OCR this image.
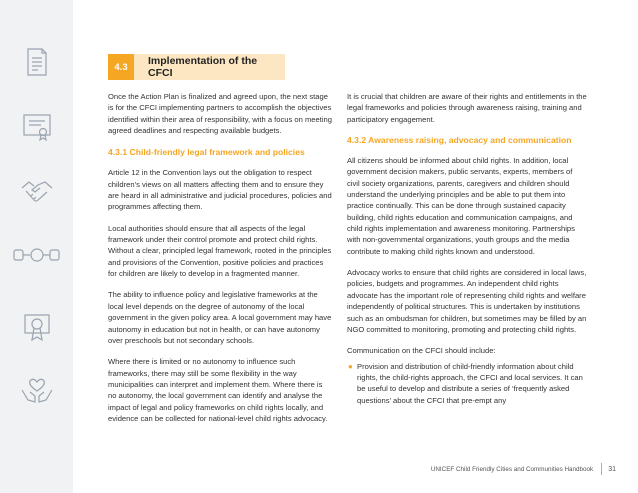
4.3	Implementation of the CFCI

Once the Action Plan is finalized and agreed upon, the next stage is for the CFCI implementing partners to accomplish the objectives identified within their area of responsibility, with a focus on meeting agreed deadlines and respecting available budgets.

4.3.1 Child-friendly legal framework and policies

Article 12 in the Convention lays out the obligation to respect children’s views on all matters affecting them and to ensure they are heard in all administrative and judicial procedures, policies and programmes affecting them.

Local authorities should ensure that all aspects of the legal framework under their control promote and protect child rights. Without a clear, principled legal framework, rooted in the principles and provisions of the Convention, positive policies and practices for children are likely to develop in a fragmented manner.

The ability to influence policy and legislative frameworks at the local level depends on the degree of autonomy of the local government in the given policy area. A local government may have autonomy in education but not in health, or can have autonomy over preschools but not secondary schools.

Where there is limited or no autonomy to influence such frameworks, there may still be some flexibility in the way municipalities can interpret and implement them. Where there is no autonomy, the local government can identify and analyse the impact of legal and policy frameworks on child rights locally, and evidence can be collected for national-level child rights advocacy.

It is crucial that children are aware of their rights and entitlements in the legal frameworks and policies through awareness raising, training and participatory engagement.

4.3.2 Awareness raising, advocacy and communication

All citizens should be informed about child rights. In addition, local government decision makers, public servants, experts, members of civil society organizations, parents, caregivers and children should understand the underlying principles and be able to put them into practice continually. This can be done through sustained capacity building, child rights education and communication campaigns, and child rights implementation and awareness monitoring. Partnerships with non-governmental organizations, youth groups and the media contribute to making child rights known and understood.

Advocacy works to ensure that child rights are considered in local laws, policies, budgets and programmes. An independent child rights advocate has the important role of representing child rights and welfare independently of political structures. This is undertaken by institutions such as an ombudsman for children, but sometimes may be filled by an NGO committed to monitoring, promoting and protecting child rights.

Communication on the CFCI should include:

● Provision and distribution of child-friendly information about child rights, the child-rights approach, the CFCI and local services. It can be useful to develop and distribute a series of ‘frequently asked questions’ about the CFCI that pre-empt any
UNICEF Child Friendly Cities and Communities Handbook 31
